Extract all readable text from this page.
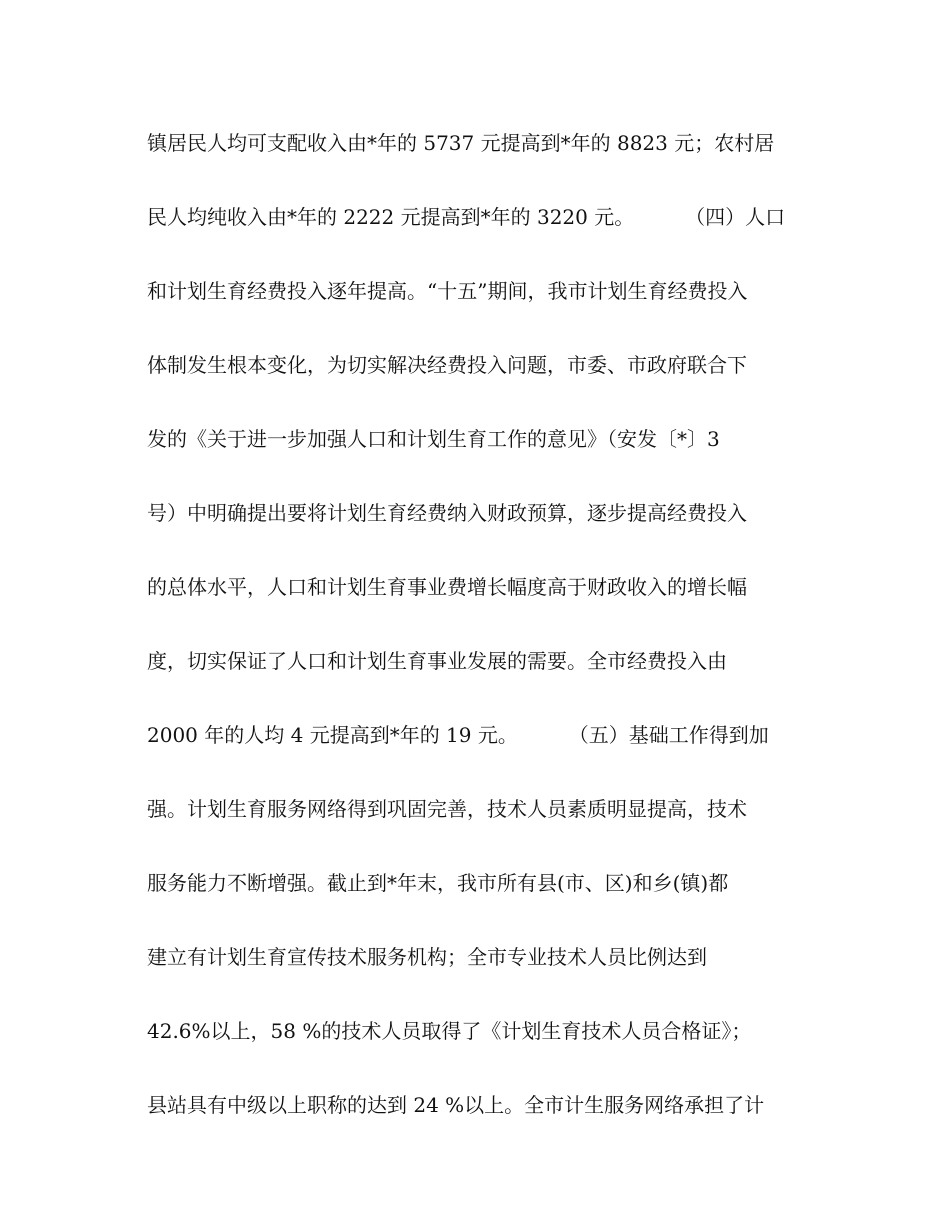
镇居民人均可支配收入由*年的 5737 元提高到*年的 8823 元；农村居
民人均纯收入由*年的 2222 元提高到*年的 3220 元。        （四）人口
和计划生育经费投入逐年提高。“十五”期间，我市计划生育经费投入
体制发生根本变化，为切实解决经费投入问题，市委、市政府联合下
发的《关于进一步加强人口和计划生育工作的意见》（安发〔*〕3
号）中明确提出要将计划生育经费纳入财政预算，逐步提高经费投入
的总体水平，人口和计划生育事业费增长幅度高于财政收入的增长幅
度，切实保证了人口和计划生育事业发展的需要。全市经费投入由
2000 年的人均 4 元提高到*年的 19 元。        （五）基础工作得到加
强。计划生育服务网络得到巩固完善，技术人员素质明显提高，技术
服务能力不断增强。截止到*年末，我市所有县(市、区)和乡(镇)都
建立有计划生育宣传技术服务机构；全市专业技术人员比例达到
42.6%以上，58 %的技术人员取得了《计划生育技术人员合格证》；
县站具有中级以上职称的达到 24 %以上。全市计生服务网络承担了计
